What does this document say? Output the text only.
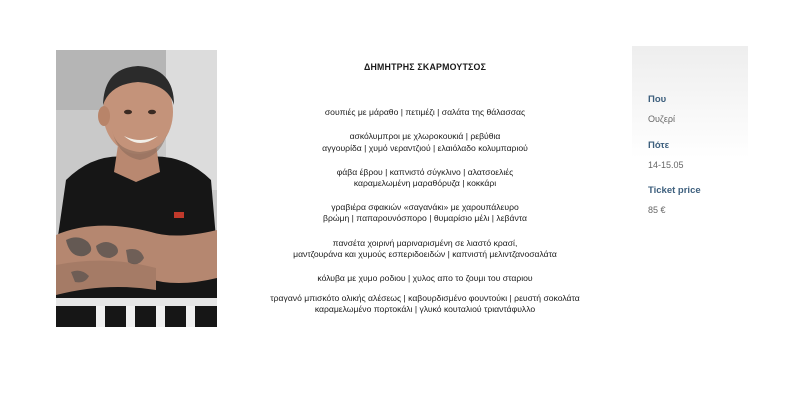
ΔΗΜΗΤΡΗΣ ΣΚΑΡΜΟΥΤΣΟΣ
σουπιές με μάραθο | πετιμέζι | σαλάτα της θάλασσας
ασκόλυμπροι με χλωροκουκιά | ρεβύθια
αγγουρίδα | χυμό νεραντζιού | ελαιόλαδο κολυμπαριού
φάβα έβρου | καπνιστό σύγκλινο | αλατσοελιές
καραμελωμένη μαραθόρυζα | κοκκάρι
γραβιέρα σφακιών «σαγανάκι» με χαρουπάλευρο
βρώμη | παπαρουνόσπορο | θυμαρίσιο μέλι | λεβάντα
πανσέτα χοιρινή μαριναρισμένη σε λιαστό κρασί,
μαντζουράνα και χυμούς εσπεριδοειδών | καπνιστή μελιντζανοσαλάτα
κόλυβα με χυμο ροδιου | χυλος απο το ζουμι του σταριου
τραγανό μπισκότο ολικής αλέσεως | καβουρδισμένο φουντούκι | ρευστή σοκολάτα
καραμελωμένο πορτοκάλι | γλυκό κουταλιού τριαντάφυλλο
Που
Ουζερί
Πότε
14-15.05
Ticket price
85 €
